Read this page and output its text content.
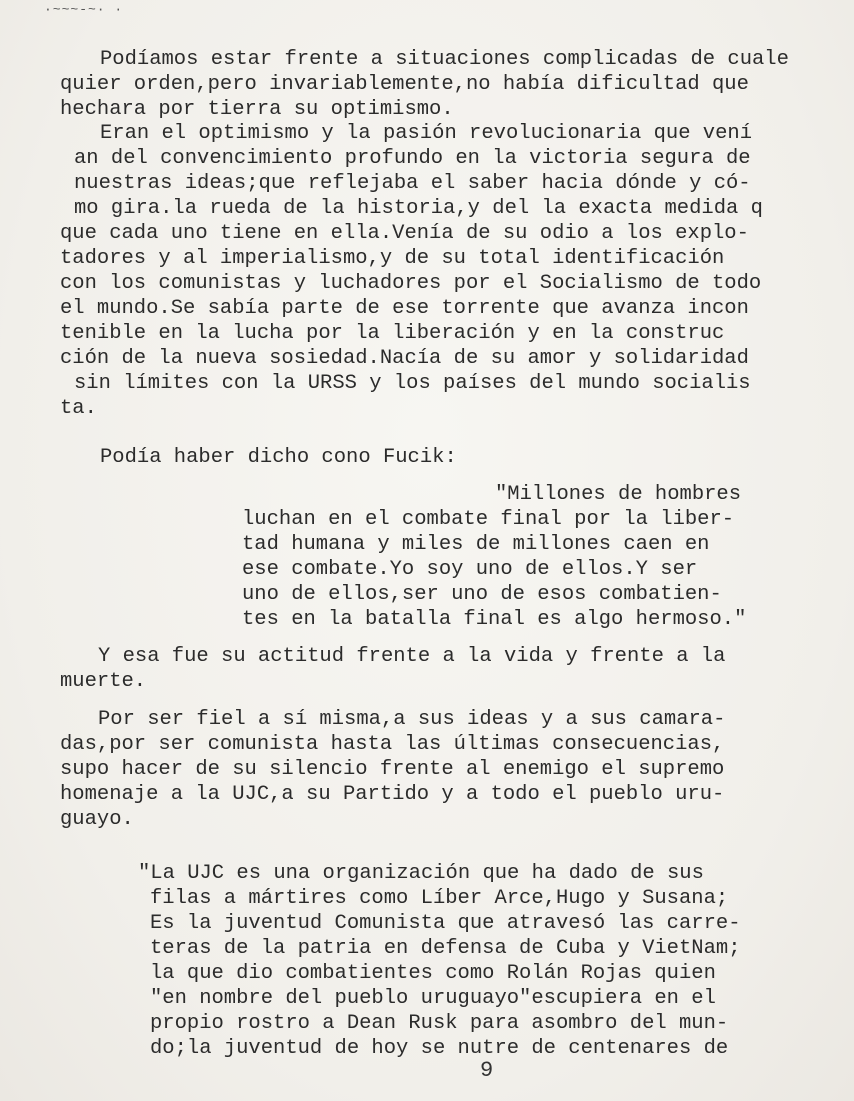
·~~~-~· ·
Podíamos estar frente a situaciones complicadas de cuale
quier orden,pero invariablemente,no había dificultad que
hechara por tierra su optimismo.
Eran el optimismo y la pasión revolucionaria que vení
an del convencimiento profundo en la victoria segura de
nuestras ideas;que reflejaba el saber hacia dónde y có-
mo gira.la rueda de la historia,y del la exacta medida q
que cada uno tiene en ella.Venía de su odio a los explo-
tadores y al imperialismo,y de su total identificación
con los comunistas y luchadores por el Socialismo de todo
el mundo.Se sabía parte de ese torrente que avanza incon
tenible en la lucha por la liberación y en la construc
ción de la nueva sosiedad.Nacía de su amor y solidaridad
sin límites con la URSS y los países del mundo socialis
ta.
Podía haber dicho cono Fucik:
"Millones de hombres
luchan en el combate final por la liber-
tad humana y miles de millones caen en
ese combate.Yo soy uno de ellos.Y ser
uno de ellos,ser uno de esos combatien-
tes en la batalla final es algo hermoso."
Y esa fue su actitud frente a la vida y frente a la
muerte.
Por ser fiel a sí misma,a sus ideas y a sus camara-
das,por ser comunista hasta las últimas consecuencias,
supo hacer de su silencio frente al enemigo el supremo
homenaje a la UJC,a su Partido y a todo el pueblo uru-
guayo.
"La UJC es una organización que ha dado de sus
filas a mártires como Líber Arce,Hugo y Susana;
Es la juventud Comunista que atravesó las carre-
teras de la patria en defensa de Cuba y VietNam;
la que dio combatientes como Rolán Rojas quien
"en nombre del pueblo uruguayo"escupiera en el
propio rostro a Dean Rusk para asombro del mun-
do;la juventud de hoy se nutre de centenares de
9
